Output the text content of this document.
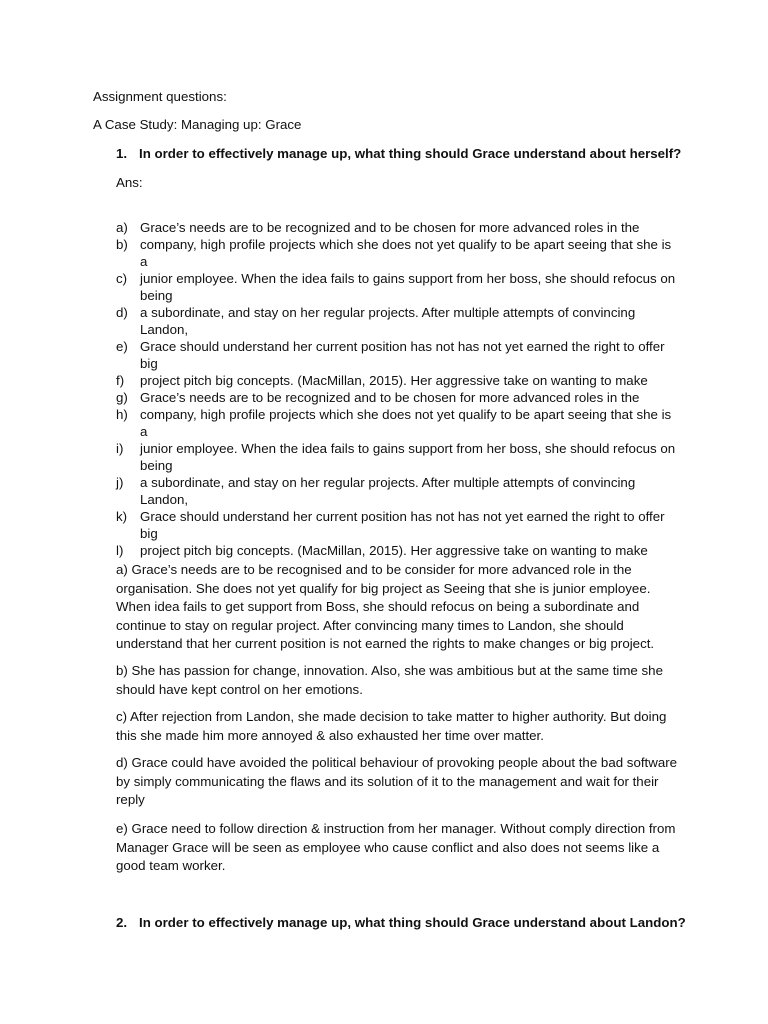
Assignment questions:
A Case Study: Managing up: Grace
1. In order to effectively manage up, what thing should Grace understand about herself?
Ans:
a) Grace’s needs are to be recognized and to be chosen for more advanced roles in the
b) company, high profile projects which she does not yet qualify to be apart seeing that she is a
c) junior employee. When the idea fails to gains support from her boss, she should refocus on being
d) a subordinate, and stay on her regular projects. After multiple attempts of convincing Landon,
e) Grace should understand her current position has not has not yet earned the right to offer big
f) project pitch big concepts. (MacMillan, 2015). Her aggressive take on wanting to make
g) Grace’s needs are to be recognized and to be chosen for more advanced roles in the
h) company, high profile projects which she does not yet qualify to be apart seeing that she is a
i) junior employee. When the idea fails to gains support from her boss, she should refocus on being
j) a subordinate, and stay on her regular projects. After multiple attempts of convincing Landon,
k) Grace should understand her current position has not has not yet earned the right to offer big
l) project pitch big concepts. (MacMillan, 2015). Her aggressive take on wanting to make
a) Grace’s needs are to be recognised and to be consider for more advanced role in the organisation. She does not yet qualify for big project as Seeing that she is junior employee. When idea fails to get support from Boss, she should refocus on being a subordinate and continue to stay on regular project. After convincing many times to Landon, she should understand that her current position is not earned the rights to make changes or big project.
b) She has passion for change, innovation. Also, she was ambitious but at the same time she should have kept control on her emotions.
c) After rejection from Landon, she made decision to take matter to higher authority. But doing this she made him more annoyed & also exhausted her time over matter.
d) Grace could have avoided the political behaviour of provoking people about the bad software by simply communicating the flaws and its solution of it to the management and wait for their reply
e) Grace need to follow direction & instruction from her manager. Without comply direction from Manager Grace will be seen as employee who cause conflict and also does not seems like a good team worker.
2. In order to effectively manage up, what thing should Grace understand about Landon?
